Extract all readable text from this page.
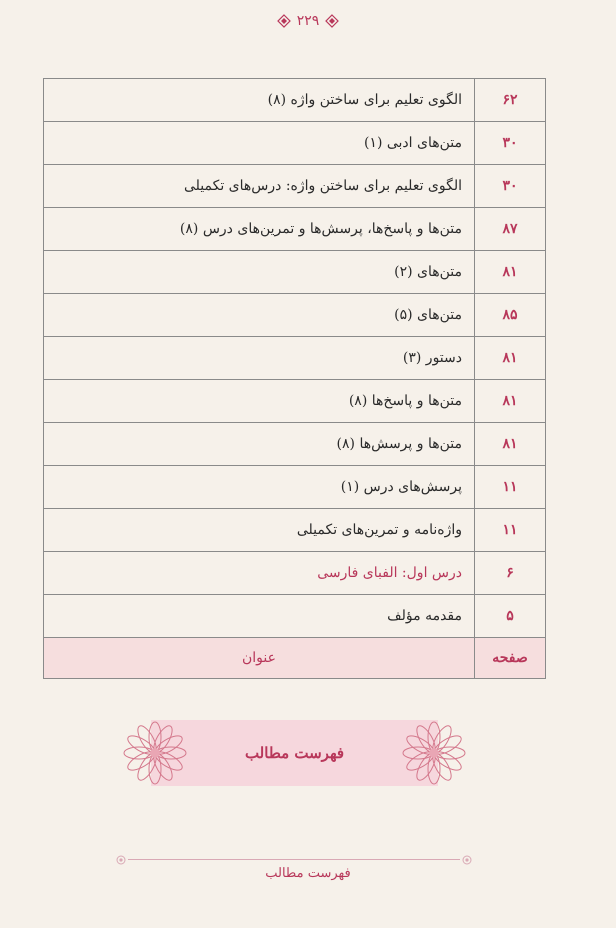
۲۲۹
۶۲	الگوی تعلیم برای ساختن واژه (۸)
۳۰	متن‌های ادبی (۱)
۳۰	الگوی تعلیم برای ساختن واژه: درس‌های تکمیلی
۸۷	متن‌ها و پاسخ‌ها، پرسش‌ها و تمرین‌های درس (۸)
۸۱	متن‌های (۲)
۸۵	متن‌های (۵)
۸۱	دستور (۳)
۸۱	متن‌ها و پاسخ‌ها (۸)
۸۱	متن‌ها و پرسش‌ها (۸)
۱۱	پرسش‌های درس (۱)
۱۱	واژه‌نامه و تمرین‌های تکمیلی
۶	درس اول: الفبای فارسی
۵	مقدمه مؤلف
صفحه	عنوان
فهرست مطالب
فهرست مطالب
